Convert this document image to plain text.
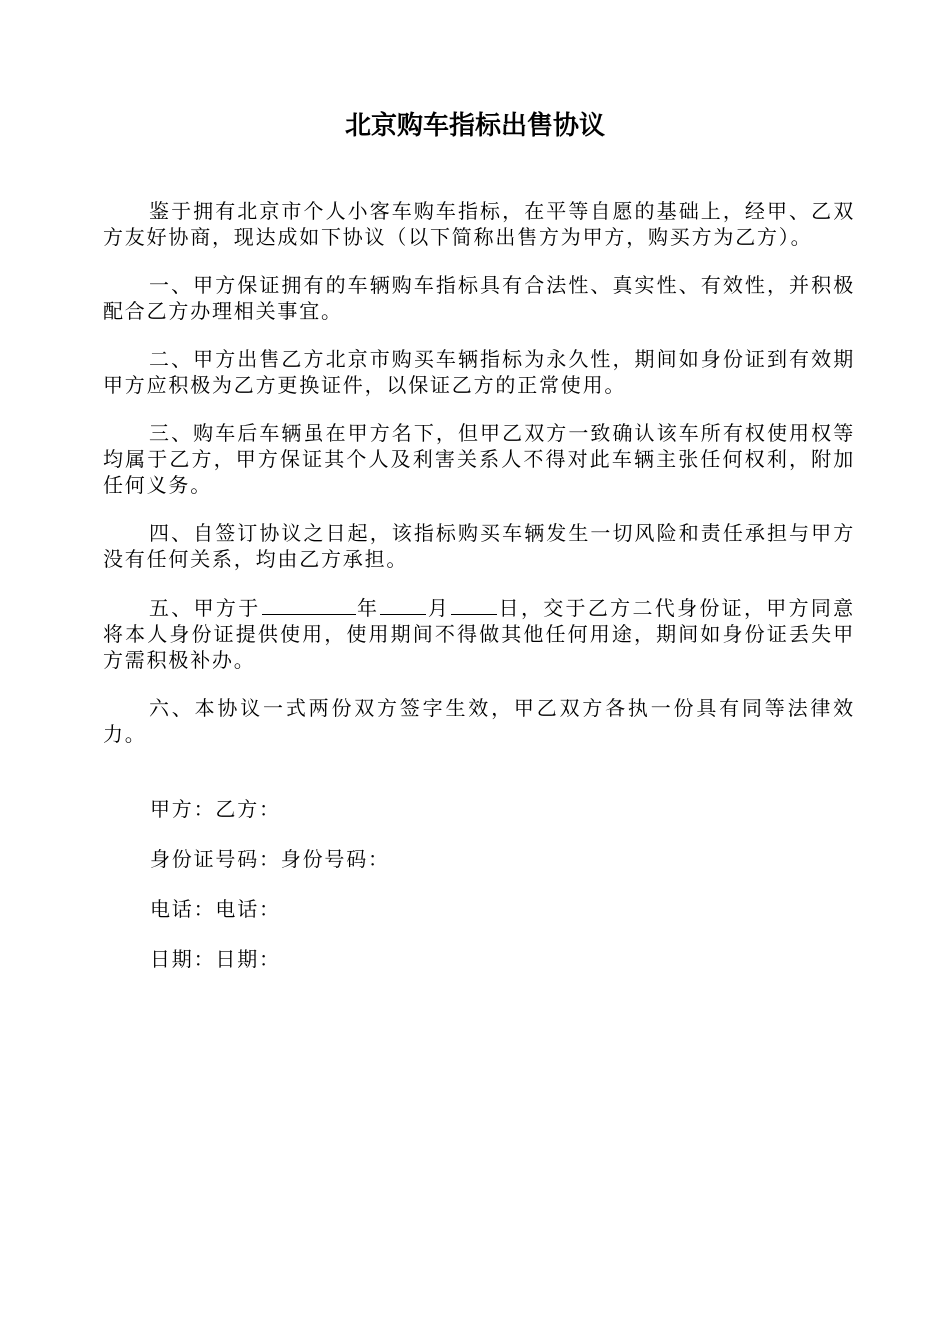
北京购车指标出售协议

鉴于拥有北京市个人小客车购车指标，在平等自愿的基础上，经甲、乙双方友好协商，现达成如下协议（以下简称出售方为甲方，购买方为乙方）。

一、甲方保证拥有的车辆购车指标具有合法性、真实性、有效性，并积极配合乙方办理相关事宜。

二、甲方出售乙方北京市购买车辆指标为永久性，期间如身份证到有效期甲方应积极为乙方更换证件，以保证乙方的正常使用。

三、购车后车辆虽在甲方名下，但甲乙双方一致确认该车所有权使用权等均属于乙方，甲方保证其个人及利害关系人不得对此车辆主张任何权利，附加任何义务。

四、自签订协议之日起，该指标购买车辆发生一切风险和责任承担与甲方没有任何关系，均由乙方承担。

五、甲方于	年 月 日，交于乙方二代身份证，甲方同意将本人身份证提供使用，使用期间不得做其他任何用途，期间如身份证丢失甲方需积极补办。

六、本协议一式两份双方签字生效，甲乙双方各执一份具有同等法律效力。

甲方：乙方：

身份证号码：身份号码：

电话：电话：

日期：日期：
